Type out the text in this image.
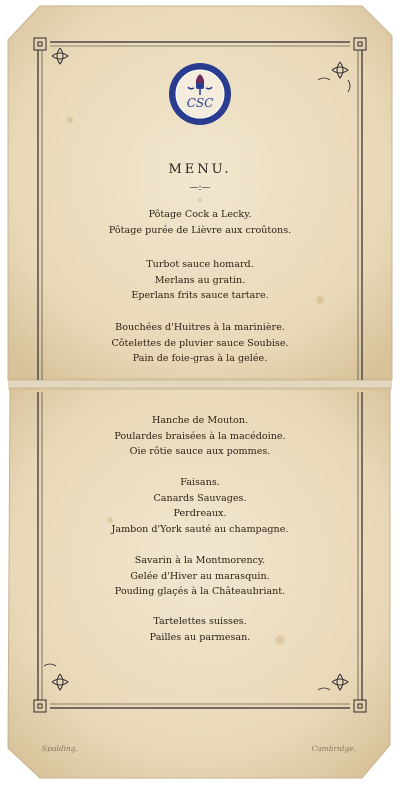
CSC
MENU.
—:—
Pôtage Cock a Lecky.
Pôtage purée de Lièvre aux croûtons.
Turbot sauce homard.
Merlans au gratin.
Eperlans frits sauce tartare.
Bouchées d'Huitres à la marinière.
Côtelettes de pluvier sauce Soubise.
Pain de foie-gras à la gelée.
Hanche de Mouton.
Poulardes braisées à la macédoine.
Oie rôtie sauce aux pommes.
Faisans.
Canards Sauvages.
Perdreaux.
Jambon d'York sauté au champagne.
Savarin à la Montmorency.
Gelée d'Hiver au marasquin.
Pouding glaçés à la Châteaubriant.
Tartelettes suisses.
Pailles au parmesan.
Spalding,	Cambridge.
